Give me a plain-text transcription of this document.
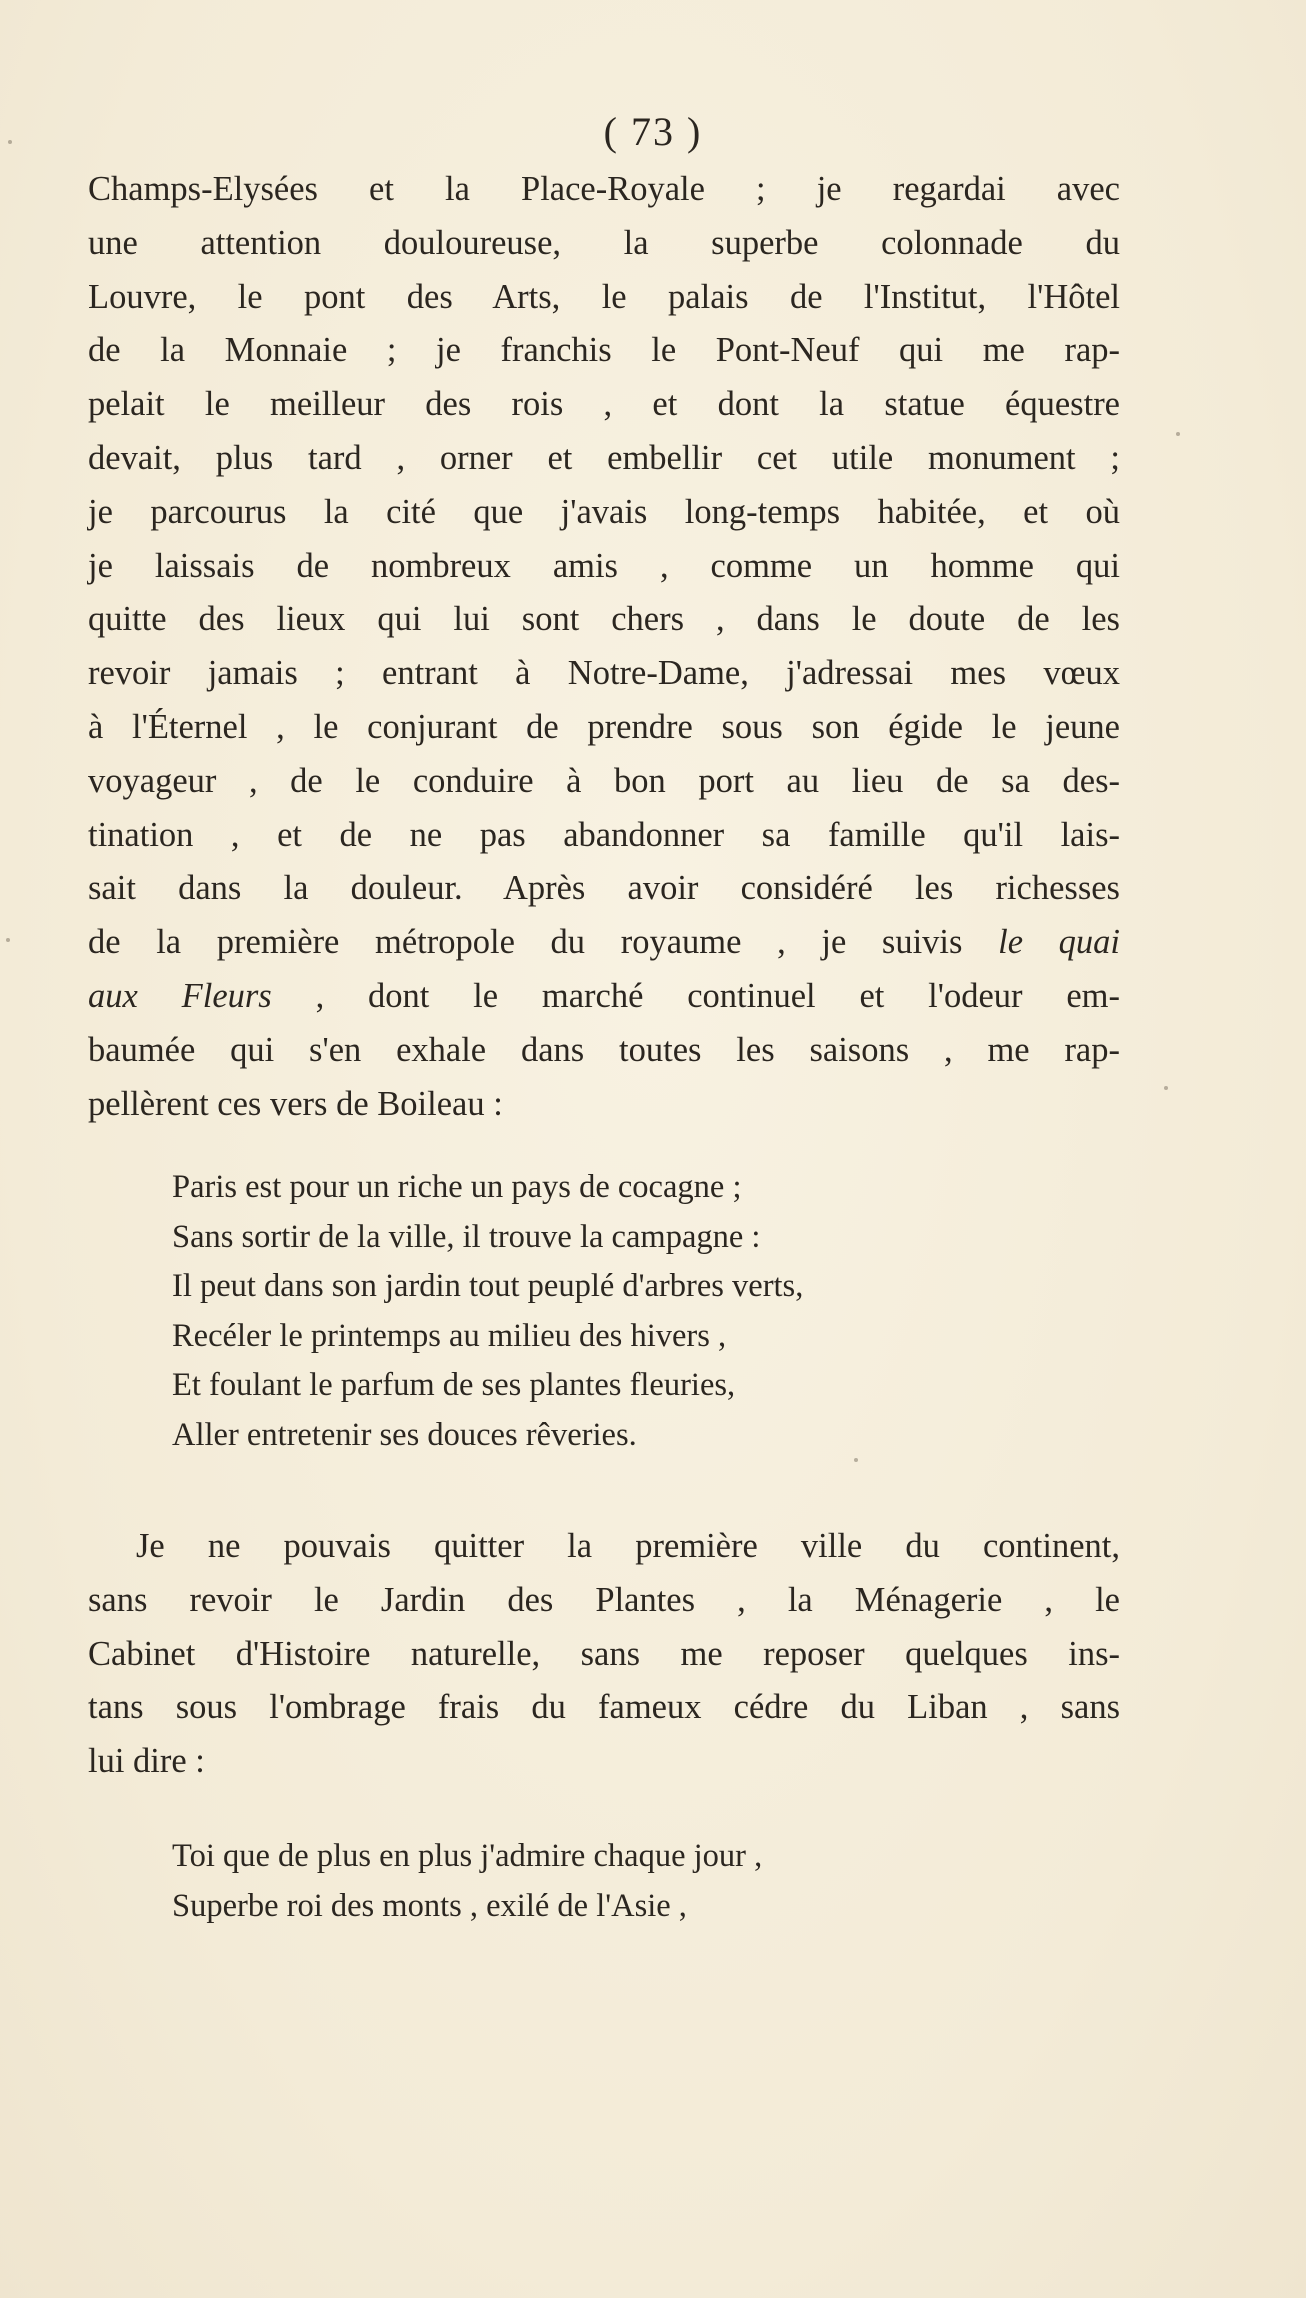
( 73 )
Champs-Elysées et la Place-Royale ; je regardai avec
une attention douloureuse, la superbe colonnade du
Louvre, le pont des Arts, le palais de l'Institut, l'Hôtel
de la Monnaie ; je franchis le Pont-Neuf qui me rap-
pelait le meilleur des rois , et dont la statue équestre
devait, plus tard , orner et embellir cet utile monument ;
je parcourus la cité que j'avais long-temps habitée, et où
je laissais de nombreux amis , comme un homme qui
quitte des lieux qui lui sont chers , dans le doute de les
revoir jamais ; entrant à Notre-Dame, j'adressai mes vœux
à l'Éternel , le conjurant de prendre sous son égide le jeune
voyageur , de le conduire à bon port au lieu de sa des-
tination , et de ne pas abandonner sa famille qu'il lais-
sait dans la douleur. Après avoir considéré les richesses
de la première métropole du royaume , je suivis le quai
aux Fleurs , dont le marché continuel et l'odeur em-
baumée qui s'en exhale dans toutes les saisons , me rap-
pellèrent ces vers de Boileau :
Paris est pour un riche un pays de cocagne ;
Sans sortir de la ville, il trouve la campagne :
Il peut dans son jardin tout peuplé d'arbres verts,
Recéler le printemps au milieu des hivers ,
Et foulant le parfum de ses plantes fleuries,
Aller entretenir ses douces rêveries.
Je ne pouvais quitter la première ville du continent,
sans revoir le Jardin des Plantes , la Ménagerie , le
Cabinet d'Histoire naturelle, sans me reposer quelques ins-
tans sous l'ombrage frais du fameux cédre du Liban , sans
lui dire :
Toi que de plus en plus j'admire chaque jour ,
Superbe roi des monts , exilé de l'Asie ,
